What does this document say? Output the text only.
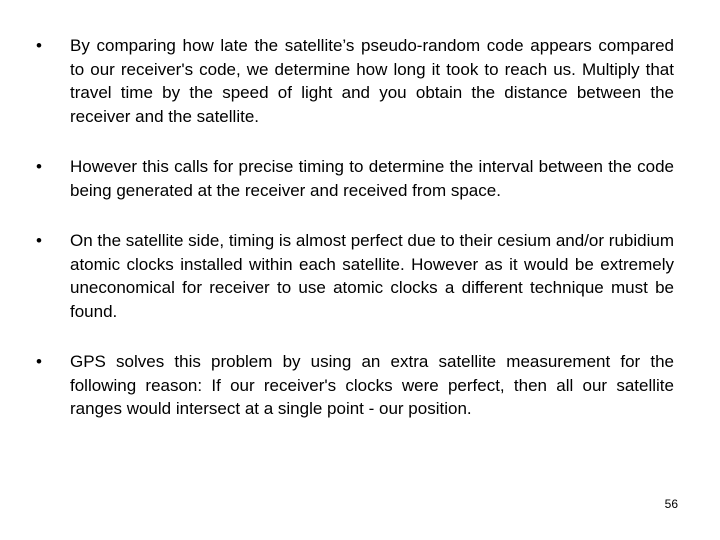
•	By comparing how late the satellite’s pseudo-random code appears compared to our receiver's code, we determine how long it took to reach us. Multiply that travel time by the speed of light and you obtain the distance between the receiver and the satellite.
•	However this calls for precise timing to determine the interval between the code being generated at the receiver and received from space.
•	On the satellite side, timing is almost perfect due to their cesium and/or rubidium atomic clocks installed within each satellite. However as it would be extremely uneconomical for receiver to use atomic clocks a different technique must be found.
•	GPS solves this problem by using an extra satellite measurement for the following reason: If our receiver's clocks were perfect, then all our satellite ranges would intersect at a single point - our position.
56
